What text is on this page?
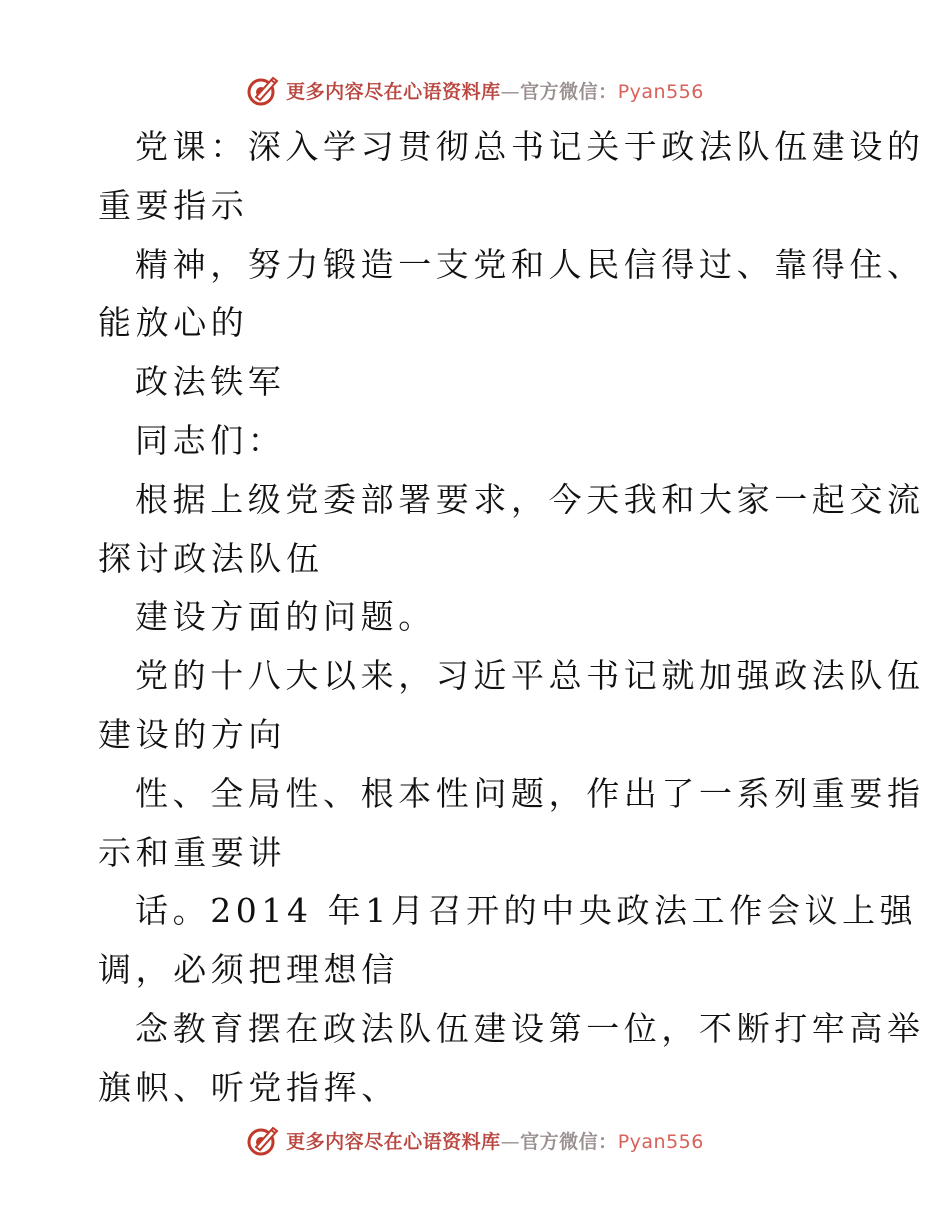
更多内容尽在心语资料库—官方微信：Pyan556
党课：深入学习贯彻总书记关于政法队伍建设的
重要指示
精神，努力锻造一支党和人民信得过、靠得住、
能放心的
政法铁军
同志们：
根据上级党委部署要求，今天我和大家一起交流
探讨政法队伍
建设方面的问题。
党的十八大以来，习近平总书记就加强政法队伍
建设的方向
性、全局性、根本性问题，作出了一系列重要指
示和重要讲
话。2014 年1月召开的中央政法工作会议上强
调，必须把理想信
念教育摆在政法队伍建设第一位，不断打牢高举
旗帜、听党指挥、
更多内容尽在心语资料库—官方微信：Pyan556
